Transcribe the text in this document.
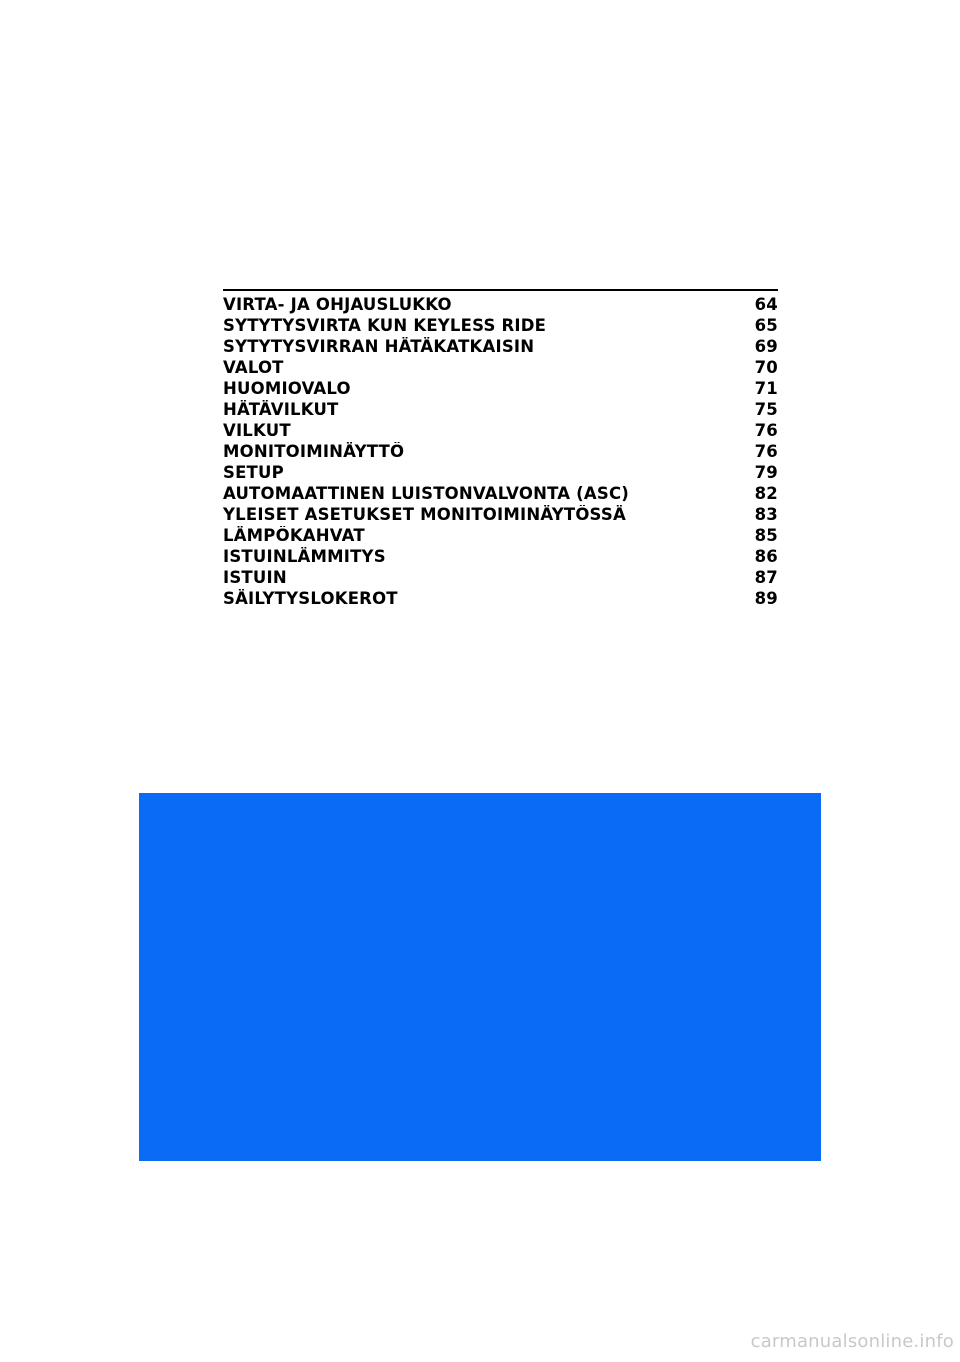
VIRTA- JA OHJAUSLUKKO	64
SYTYTYSVIRTA KUN KEYLESS RIDE	65
SYTYTYSVIRRAN HÄTÄKATKAISIN	69
VALOT	70
HUOMIOVALO	71
HÄTÄVILKUT	75
VILKUT	76
MONITOIMINÄYTTÖ	76
SETUP	79
AUTOMAATTINEN LUISTONVALVONTA (ASC)	82
YLEISET ASETUKSET MONITOIMINÄYTÖSSÄ	83
LÄMPÖKAHVAT	85
ISTUINLÄMMITYS	86
ISTUIN	87
SÄILYTYSLOKEROT	89
carmanualsonline.info
